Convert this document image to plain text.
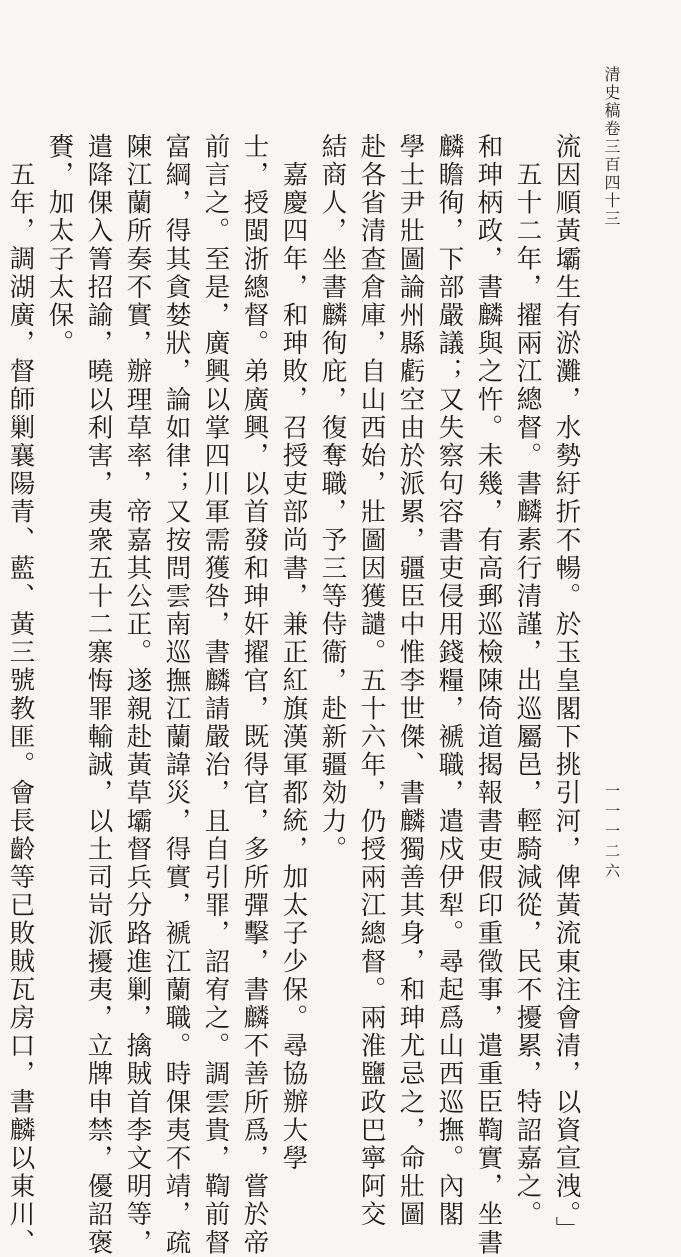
清史稿卷三百四十三
一一一二六
流因順黃壩生有淤灘，水勢紆折不暢。於玉皇閣下挑引河，俾黃流東注會清，以資宣洩。」
五十二年，擢兩江總督。書麟素行清謹，出巡屬邑，輕騎減從，民不擾累，特詔嘉之。
和珅柄政，書麟與之忤。未幾，有高郵巡檢陳倚道揭報書吏假印重徵事，遣重臣鞫實，坐書
麟瞻徇，下部嚴議；又失察句容書吏侵用錢糧，褫職，遣戍伊犁。尋起爲山西巡撫。內閣
學士尹壯圖論州縣虧空由於派累，疆臣中惟李世傑、書麟獨善其身，和珅尤忌之，命壯圖
赴各省清查倉庫，自山西始，壯圖因獲譴。五十六年，仍授兩江總督。兩淮鹽政巴寧阿交
結商人，坐書麟徇庇，復奪職，予三等侍衞，赴新疆効力。
嘉慶四年，和珅敗，召授吏部尚書，兼正紅旗漢軍都統，加太子少保。尋協辦大學
士，授閩浙總督。弟廣興，以首發和珅奸擢官，既得官，多所彈擊，書麟不善所爲，嘗於帝
前言之。至是，廣興以掌四川軍需獲咎，書麟請嚴治，且自引罪，詔宥之。調雲貴，鞫前督
富綱，得其貪婪狀，論如律；又按問雲南巡撫江蘭諱災，得實，褫江蘭職。時倮夷不靖，疏
陳江蘭所奏不實，辦理草率，帝嘉其公正。遂親赴黃草壩督兵分路進剿，擒賊首李文明等，
遣降倮入箐招諭，曉以利害，夷衆五十二寨悔罪輸誠，以土司岢派擾夷，立牌申禁，優詔褒
賚，加太子太保。
五年，調湖廣，督師剿襄陽青、藍、黃三號教匪。會長齡等已敗賊瓦房口，書麟以東川、
